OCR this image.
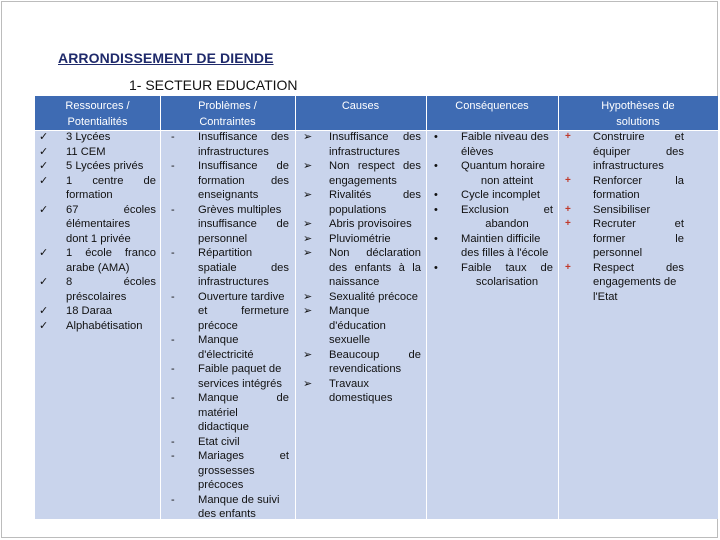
ARRONDISSEMENT DE DIENDE
1- SECTEUR EDUCATION
Ressources /
Potentialités
Problèmes /
Contraintes
Causes	Conséquences	Hypothèses de
solutions
✓
✓
✓
✓
✓
✓
✓
✓
✓
3 Lycées
11 CEM
5 Lycées privés
1 centre de
formation
67 écoles
élémentaires
dont 1 privée
1 école franco
arabe (AMA)
8 écoles
préscolaires
18 Daraa
Alphabétisation
-
-
-
-
-
-
-
-
-
-
-
Insuffisance des
infrastructures
Insuffisance de
formation des
enseignants
Grèves multiples
insuffisance de
personnel
Répartition
spatiale des
infrastructures
Ouverture tardive
et fermeture
précoce
Manque
d'électricité
Faible paquet de
services intégrés
Manque de
matériel
didactique
Etat civil
Mariages et
grossesses
précoces
Manque de suivi
des enfants
➢
➢
➢
➢
➢
➢
➢
➢
➢
➢
Insuffisance des
infrastructures
Non respect des
engagements
Rivalités des
populations
Abris provisoires
Pluviométrie
Non déclaration
des enfants à la
naissance
Sexualité précoce
Manque
d'éducation
sexuelle
Beaucoup de
revendications
Travaux
domestiques
•
•
•
•
•
•
Faible niveau des
élèves
Quantum horaire
non atteint
Cycle incomplet
Exclusion et
abandon
Maintien difficile
des filles à l'école
Faible taux de
scolarisation
+
+
+
+
+
Construire et
équiper des
infrastructures
Renforcer la
formation
Sensibiliser
Recruter et
former le
personnel
Respect des
engagements de
l'Etat
